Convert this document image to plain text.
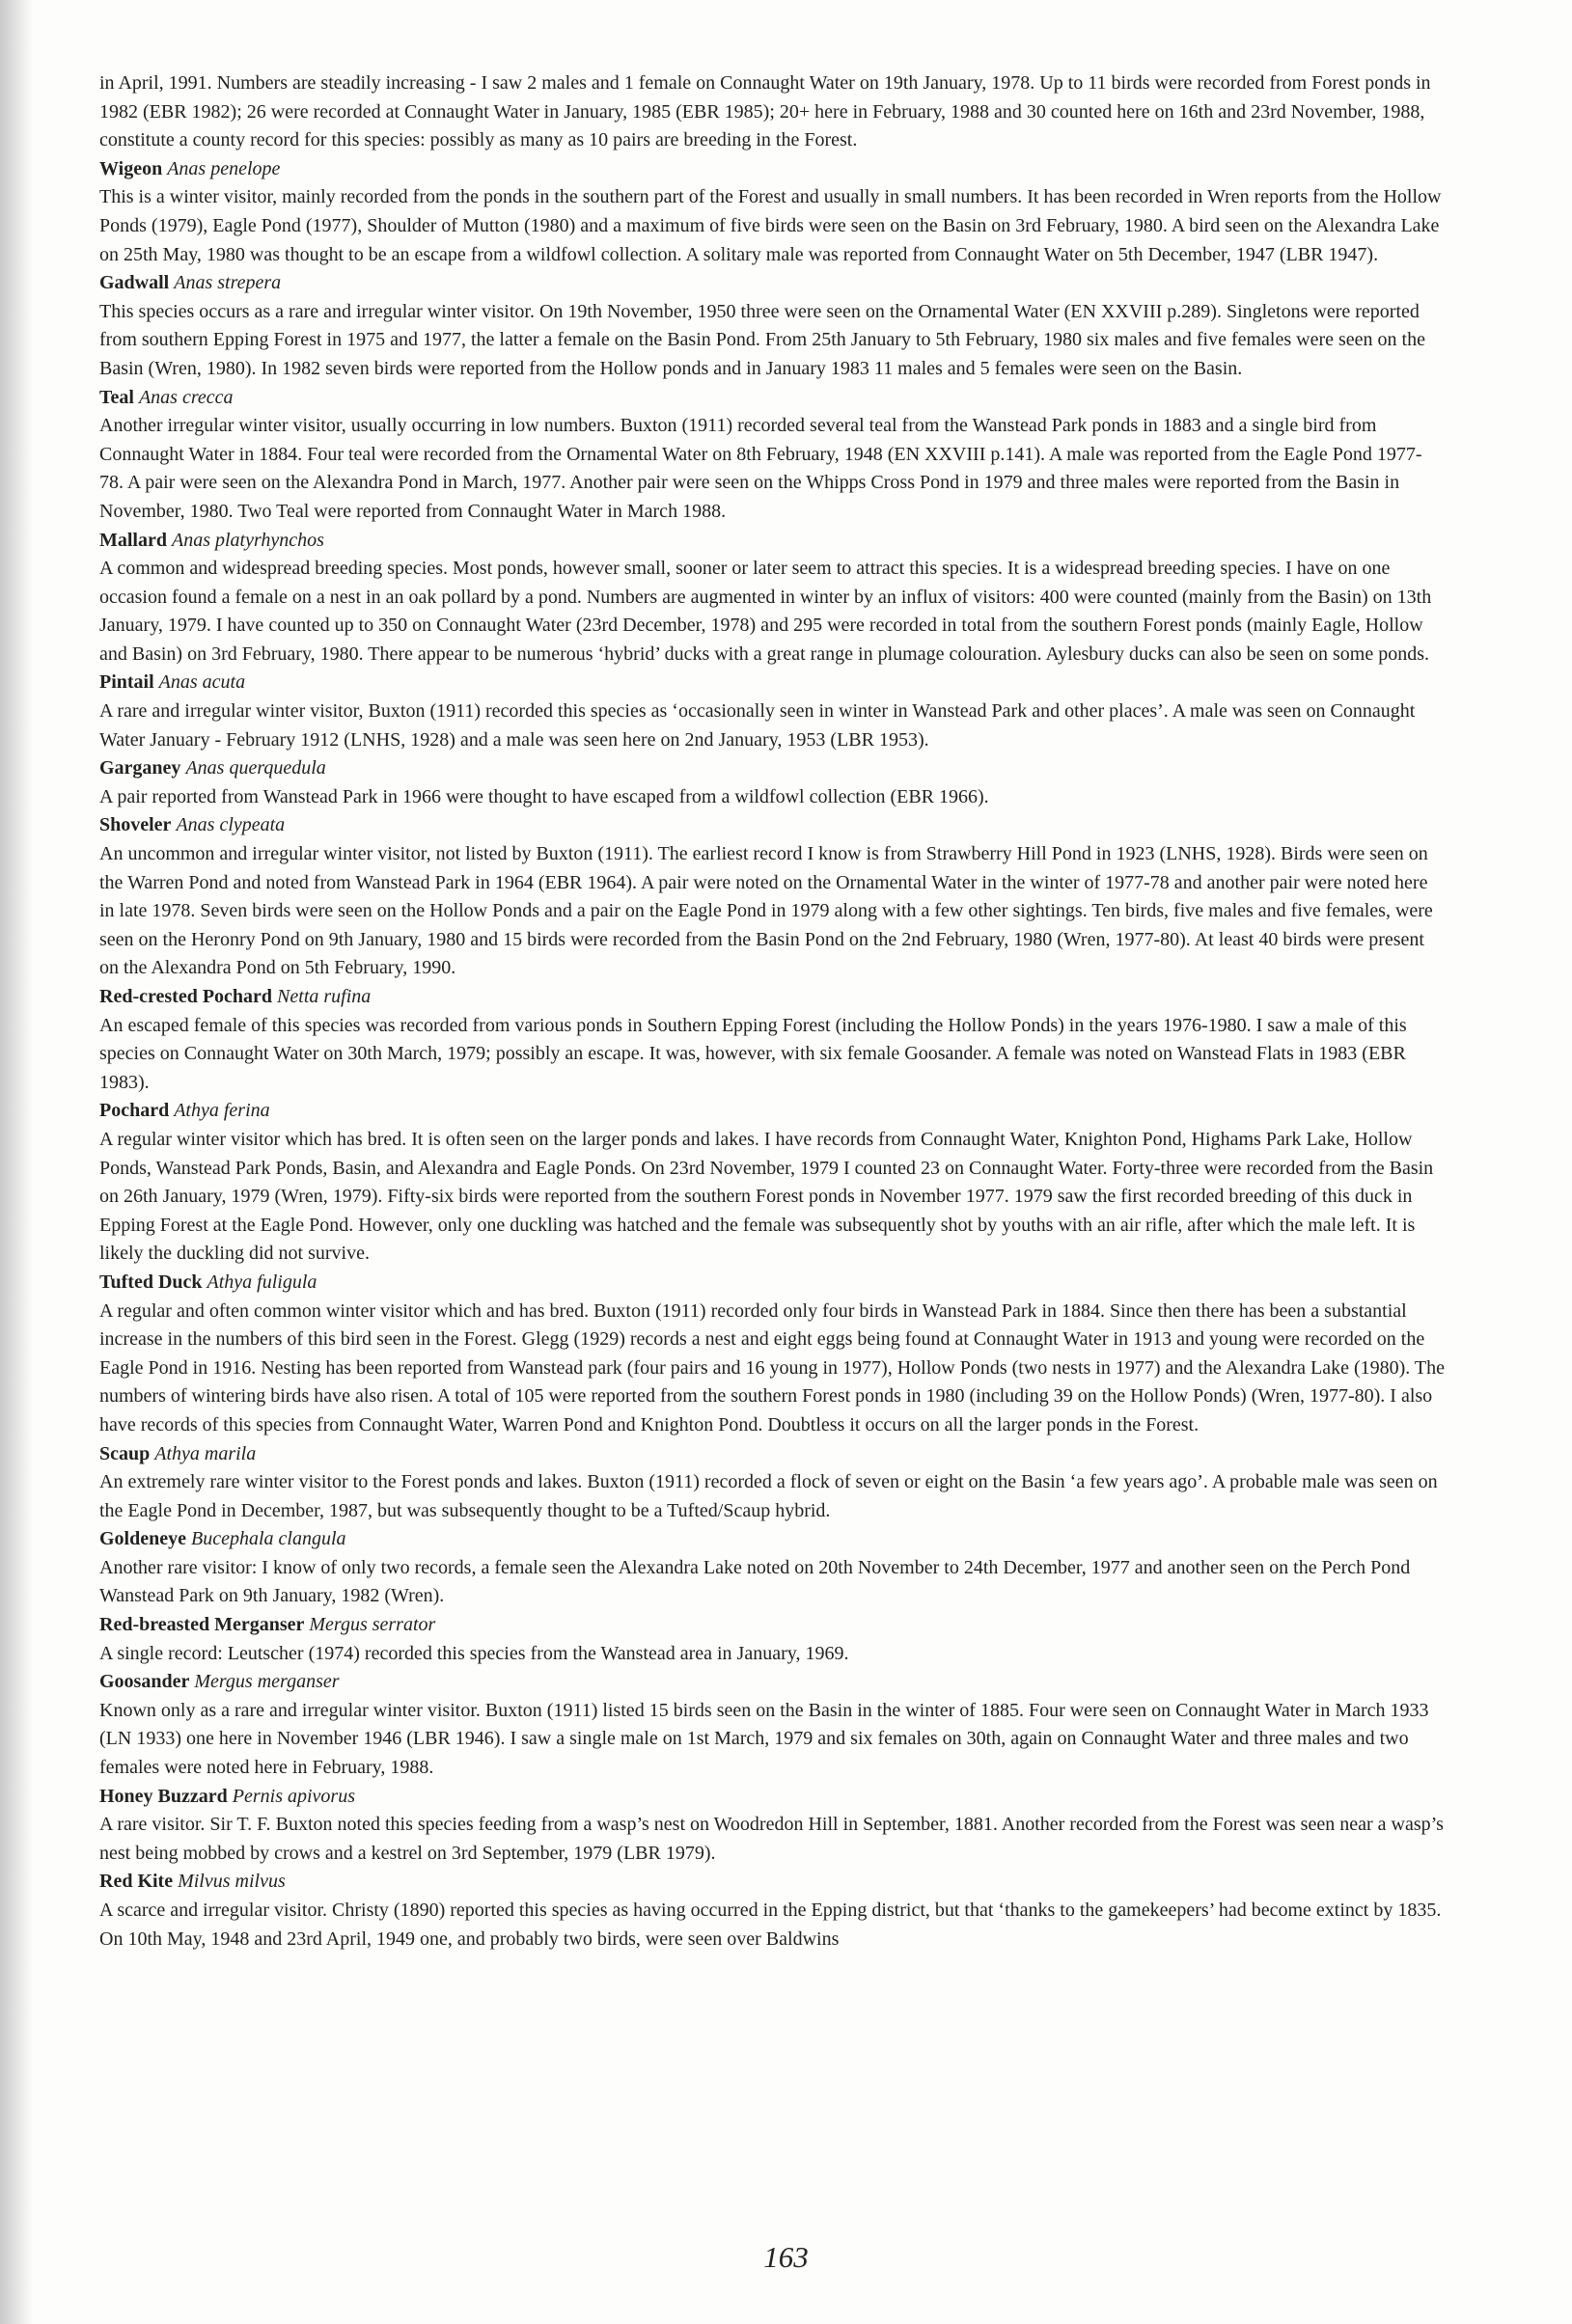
in April, 1991. Numbers are steadily increasing - I saw 2 males and 1 female on Connaught Water on 19th January, 1978. Up to 11 birds were recorded from Forest ponds in 1982 (EBR 1982); 26 were recorded at Connaught Water in January, 1985 (EBR 1985); 20+ here in February, 1988 and 30 counted here on 16th and 23rd November, 1988, constitute a county record for this species: possibly as many as 10 pairs are breeding in the Forest.

Wigeon Anas penelope

This is a winter visitor, mainly recorded from the ponds in the southern part of the Forest and usually in small numbers. It has been recorded in Wren reports from the Hollow Ponds (1979), Eagle Pond (1977), Shoulder of Mutton (1980) and a maximum of five birds were seen on the Basin on 3rd February, 1980. A bird seen on the Alexandra Lake on 25th May, 1980 was thought to be an escape from a wildfowl collection. A solitary male was reported from Connaught Water on 5th December, 1947 (LBR 1947).

Gadwall Anas strepera

This species occurs as a rare and irregular winter visitor. On 19th November, 1950 three were seen on the Ornamental Water (EN XXVIII p.289). Singletons were reported from southern Epping Forest in 1975 and 1977, the latter a female on the Basin Pond. From 25th January to 5th February, 1980 six males and five females were seen on the Basin (Wren, 1980). In 1982 seven birds were reported from the Hollow ponds and in January 1983 11 males and 5 females were seen on the Basin.

Teal Anas crecca

Another irregular winter visitor, usually occurring in low numbers. Buxton (1911) recorded several teal from the Wanstead Park ponds in 1883 and a single bird from Connaught Water in 1884. Four teal were recorded from the Ornamental Water on 8th February, 1948 (EN XXVIII p.141). A male was reported from the Eagle Pond 1977-78. A pair were seen on the Alexandra Pond in March, 1977. Another pair were seen on the Whipps Cross Pond in 1979 and three males were reported from the Basin in November, 1980. Two Teal were reported from Connaught Water in March 1988.

Mallard Anas platyrhynchos

A common and widespread breeding species. Most ponds, however small, sooner or later seem to attract this species. It is a widespread breeding species. I have on one occasion found a female on a nest in an oak pollard by a pond. Numbers are augmented in winter by an influx of visitors: 400 were counted (mainly from the Basin) on 13th January, 1979. I have counted up to 350 on Connaught Water (23rd December, 1978) and 295 were recorded in total from the southern Forest ponds (mainly Eagle, Hollow and Basin) on 3rd February, 1980. There appear to be numerous ‘hybrid’ ducks with a great range in plumage colouration. Aylesbury ducks can also be seen on some ponds.

Pintail Anas acuta

A rare and irregular winter visitor, Buxton (1911) recorded this species as ‘occasionally seen in winter in Wanstead Park and other places’. A male was seen on Connaught Water January - February 1912 (LNHS, 1928) and a male was seen here on 2nd January, 1953 (LBR 1953).

Garganey Anas querquedula

A pair reported from Wanstead Park in 1966 were thought to have escaped from a wildfowl collection (EBR 1966).

Shoveler Anas clypeata

An uncommon and irregular winter visitor, not listed by Buxton (1911). The earliest record I know is from Strawberry Hill Pond in 1923 (LNHS, 1928). Birds were seen on the Warren Pond and noted from Wanstead Park in 1964 (EBR 1964). A pair were noted on the Ornamental Water in the winter of 1977-78 and another pair were noted here in late 1978. Seven birds were seen on the Hollow Ponds and a pair on the Eagle Pond in 1979 along with a few other sightings. Ten birds, five males and five females, were seen on the Heronry Pond on 9th January, 1980 and 15 birds were recorded from the Basin Pond on the 2nd February, 1980 (Wren, 1977-80). At least 40 birds were present on the Alexandra Pond on 5th February, 1990.

Red-crested Pochard Netta rufina

An escaped female of this species was recorded from various ponds in Southern Epping Forest (including the Hollow Ponds) in the years 1976-1980. I saw a male of this species on Connaught Water on 30th March, 1979; possibly an escape. It was, however, with six female Goosander. A female was noted on Wanstead Flats in 1983 (EBR 1983).

Pochard Athya ferina

A regular winter visitor which has bred. It is often seen on the larger ponds and lakes. I have records from Connaught Water, Knighton Pond, Highams Park Lake, Hollow Ponds, Wanstead Park Ponds, Basin, and Alexandra and Eagle Ponds. On 23rd November, 1979 I counted 23 on Connaught Water. Forty-three were recorded from the Basin on 26th January, 1979 (Wren, 1979). Fifty-six birds were reported from the southern Forest ponds in November 1977. 1979 saw the first recorded breeding of this duck in Epping Forest at the Eagle Pond. However, only one duckling was hatched and the female was subsequently shot by youths with an air rifle, after which the male left. It is likely the duckling did not survive.

Tufted Duck Athya fuligula

A regular and often common winter visitor which and has bred. Buxton (1911) recorded only four birds in Wanstead Park in 1884. Since then there has been a substantial increase in the numbers of this bird seen in the Forest. Glegg (1929) records a nest and eight eggs being found at Connaught Water in 1913 and young were recorded on the Eagle Pond in 1916. Nesting has been reported from Wanstead park (four pairs and 16 young in 1977), Hollow Ponds (two nests in 1977) and the Alexandra Lake (1980). The numbers of wintering birds have also risen. A total of 105 were reported from the southern Forest ponds in 1980 (including 39 on the Hollow Ponds) (Wren, 1977-80). I also have records of this species from Connaught Water, Warren Pond and Knighton Pond. Doubtless it occurs on all the larger ponds in the Forest.

Scaup Athya marila

An extremely rare winter visitor to the Forest ponds and lakes. Buxton (1911) recorded a flock of seven or eight on the Basin ‘a few years ago’. A probable male was seen on the Eagle Pond in December, 1987, but was subsequently thought to be a Tufted/Scaup hybrid.

Goldeneye Bucephala clangula

Another rare visitor: I know of only two records, a female seen the Alexandra Lake noted on 20th November to 24th December, 1977 and another seen on the Perch Pond Wanstead Park on 9th January, 1982 (Wren).

Red-breasted Merganser Mergus serrator

A single record: Leutscher (1974) recorded this species from the Wanstead area in January, 1969.

Goosander Mergus merganser

Known only as a rare and irregular winter visitor. Buxton (1911) listed 15 birds seen on the Basin in the winter of 1885. Four were seen on Connaught Water in March 1933 (LN 1933) one here in November 1946 (LBR 1946). I saw a single male on 1st March, 1979 and six females on 30th, again on Connaught Water and three males and two females were noted here in February, 1988.

Honey Buzzard Pernis apivorus

A rare visitor. Sir T. F. Buxton noted this species feeding from a wasp’s nest on Woodredon Hill in September, 1881. Another recorded from the Forest was seen near a wasp’s nest being mobbed by crows and a kestrel on 3rd September, 1979 (LBR 1979).

Red Kite Milvus milvus

A scarce and irregular visitor. Christy (1890) reported this species as having occurred in the Epping district, but that ‘thanks to the gamekeepers’ had become extinct by 1835. On 10th May, 1948 and 23rd April, 1949 one, and probably two birds, were seen over Baldwins

163
